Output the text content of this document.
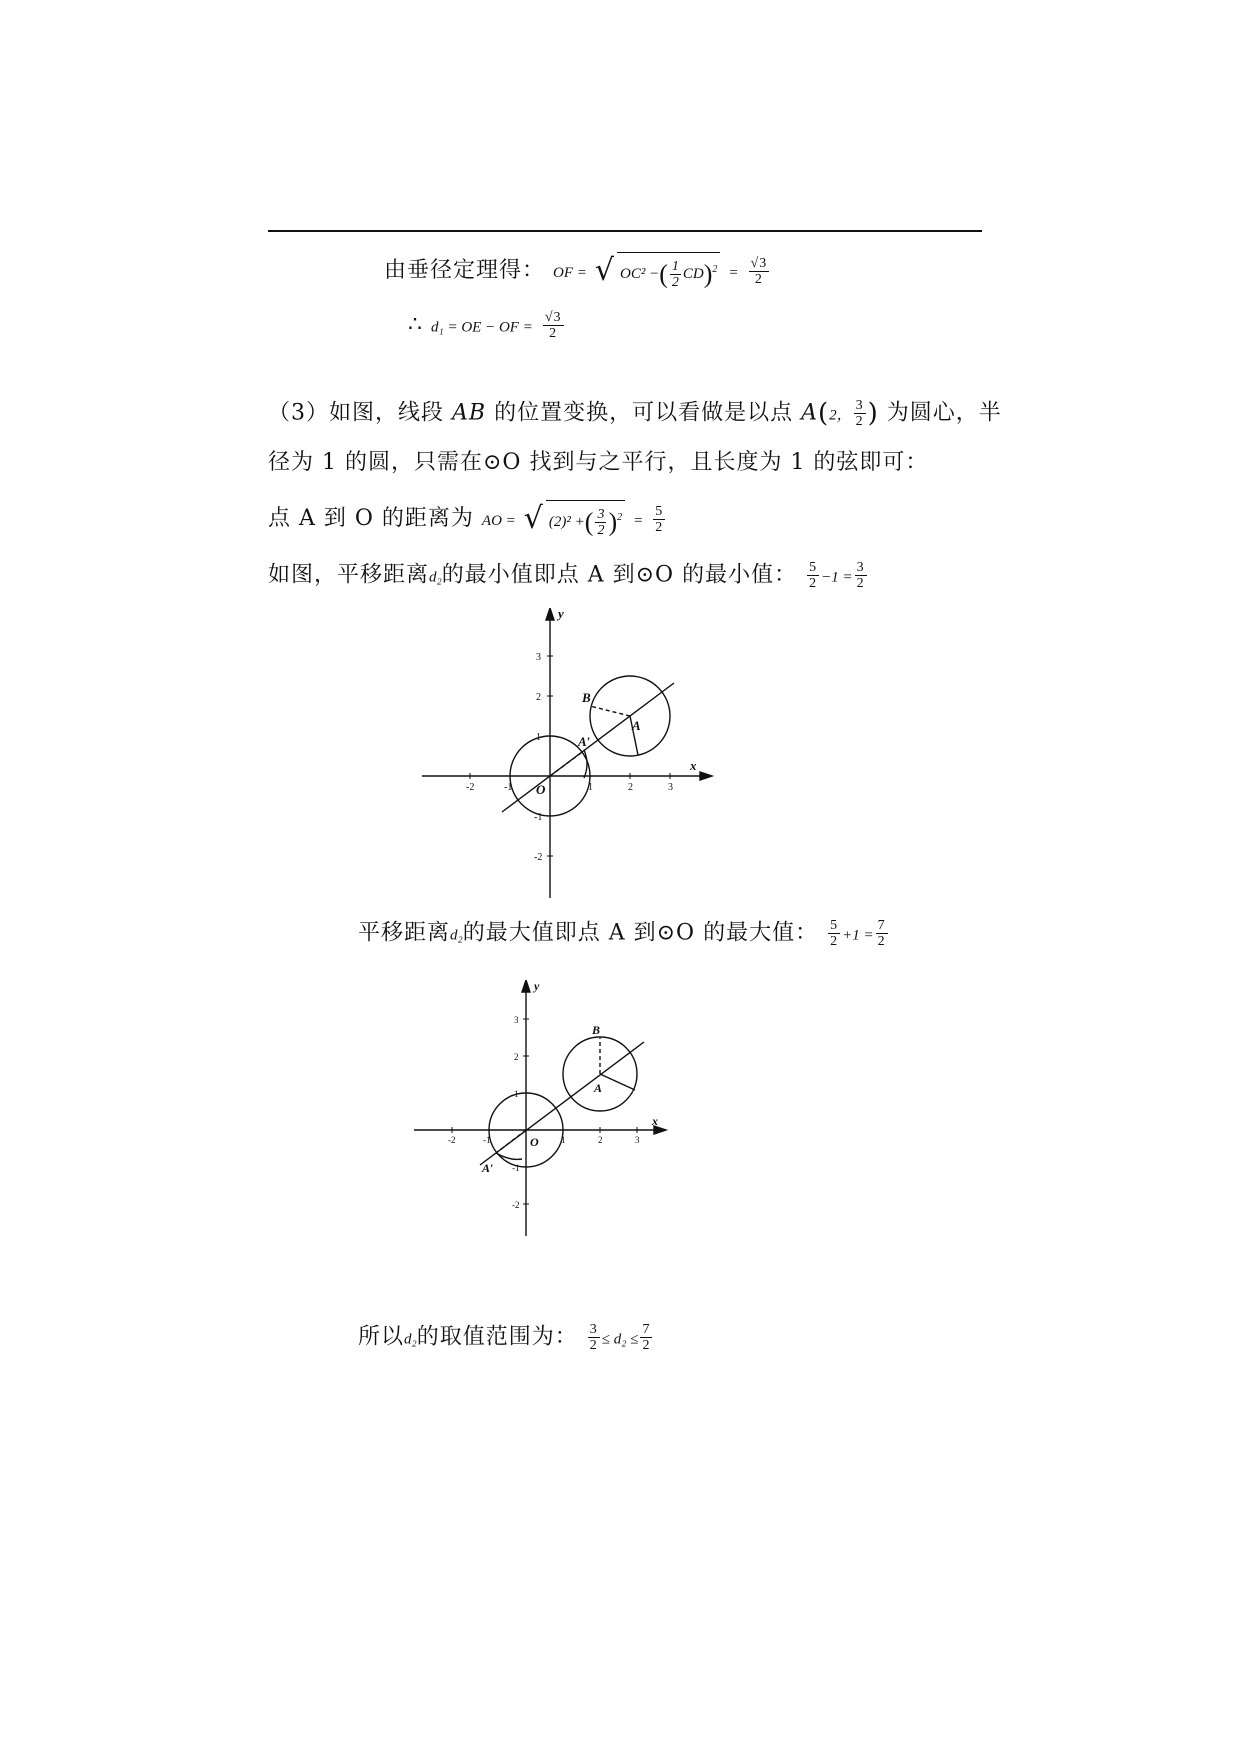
由垂径定理得： OF = √ OC² −( $\frac{1}{2} CD)^2 = \frac{√3}{2}$
∴ d₁ = OE − OF = $\frac{√3}{2}$
（3）如图，线段 AB 的位置变换，可以看做是以点 A(2， $\frac{3}{2}$ ) 为圆心，半
径为 1 的圆，只需在⊙O 找到与之平行，且长度为 1 的弦即可：
点 A 到 O 的距离为 AO = √ (2)² +( $\frac{3}{2} )^2 = \frac{5}{2}$
如图，平移距离d₂的最小值即点 A 到⊙O 的最小值： $\frac{5}{2} -1 = \frac{3}{2}$
-2	-1	1	2	3
3
2
1
-1
-2
x
y
O
A
A′
B
平移距离d₂的最大值即点 A 到⊙O 的最大值： $\frac{5}{2} +1 = \frac{7}{2}$
-2	-1	1	2	3
3
2
1
-1
-2
x
y
O
A
A′
B
所以d₂的取值范围为： $\frac{3}{2} \le d_2 \le \frac{7}{2}$
